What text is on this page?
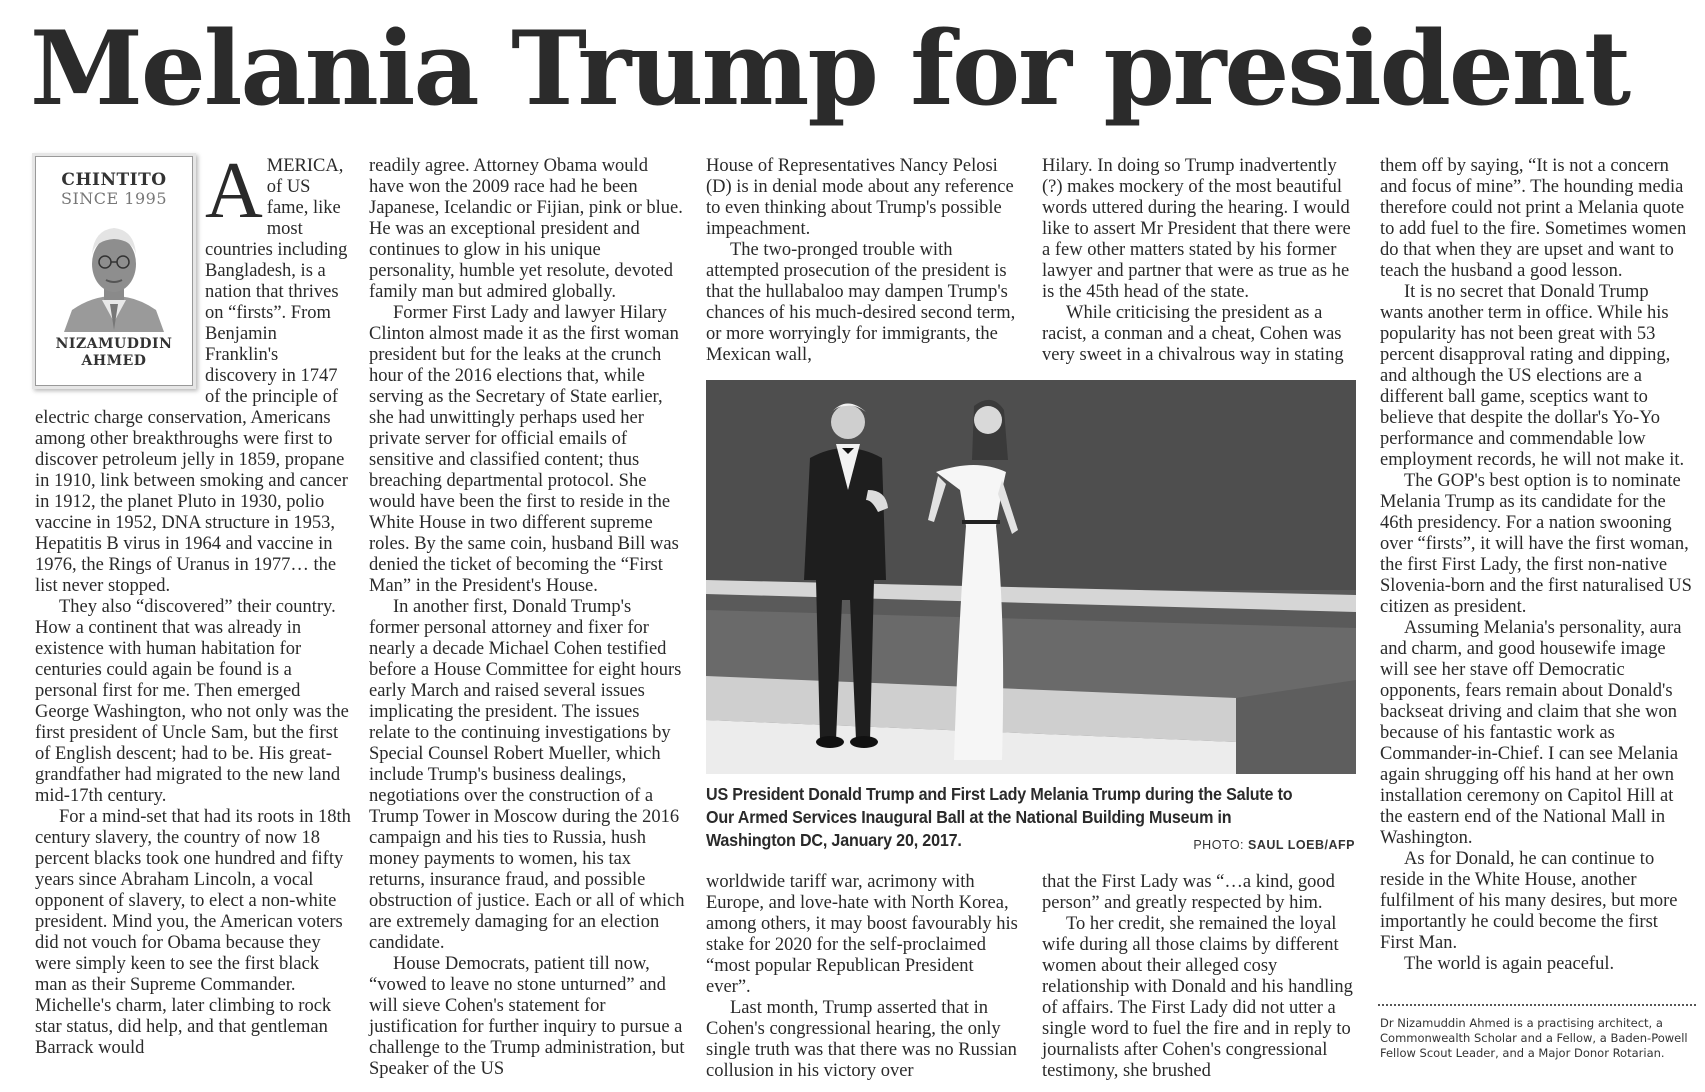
Melania Trump for president
CHINTITO
SINCE 1995
NIZAMUDDIN
AHMED

AMERICA, of US fame, like most countries including Bangladesh, is a nation that thrives on “firsts”. From Benjamin Franklin's discovery in 1747 of the principle of electric charge conservation, Americans among other breakthroughs were first to discover petroleum jelly in 1859, propane in 1910, link between smoking and cancer in 1912, the planet Pluto in 1930, polio vaccine in 1952, DNA structure in 1953, Hepatitis B virus in 1964 and vaccine in 1976, the Rings of Uranus in 1977… the list never stopped.

They also “discovered” their country. How a continent that was already in existence with human habitation for centuries could again be found is a personal first for me. Then emerged George Washington, who not only was the first president of Uncle Sam, but the first of English descent; had to be. His great-grandfather had migrated to the new land mid-17th century.

For a mind-set that had its roots in 18th century slavery, the country of now 18 percent blacks took one hundred and fifty years since Abraham Lincoln, a vocal opponent of slavery, to elect a non-white president. Mind you, the American voters did not vouch for Obama because they were simply keen to see the first black man as their Supreme Commander. Michelle's charm, later climbing to rock star status, did help, and that gentleman Barrack would

readily agree. Attorney Obama would have won the 2009 race had he been Japanese, Icelandic or Fijian, pink or blue. He was an exceptional president and continues to glow in his unique personality, humble yet resolute, devoted family man but admired globally.

Former First Lady and lawyer Hilary Clinton almost made it as the first woman president but for the leaks at the crunch hour of the 2016 elections that, while serving as the Secretary of State earlier, she had unwittingly perhaps used her private server for official emails of sensitive and classified content; thus breaching departmental protocol. She would have been the first to reside in the White House in two different supreme roles. By the same coin, husband Bill was denied the ticket of becoming the “First Man” in the President's House.

In another first, Donald Trump's former personal attorney and fixer for nearly a decade Michael Cohen testified before a House Committee for eight hours early March and raised several issues implicating the president. The issues relate to the continuing investigations by Special Counsel Robert Mueller, which include Trump's business dealings, negotiations over the construction of a Trump Tower in Moscow during the 2016 campaign and his ties to Russia, hush money payments to women, his tax returns, insurance fraud, and possible obstruction of justice. Each or all of which are extremely damaging for an election candidate.

House Democrats, patient till now, “vowed to leave no stone unturned” and will sieve Cohen's statement for justification for further inquiry to pursue a challenge to the Trump administration, but Speaker of the US

House of Representatives Nancy Pelosi (D) is in denial mode about any reference to even thinking about Trump's possible impeachment.

The two-pronged trouble with attempted prosecution of the president is that the hullabaloo may dampen Trump's chances of his much-desired second term, or more worryingly for immigrants, the Mexican wall,

Hilary. In doing so Trump inadvertently (?) makes mockery of the most beautiful words uttered during the hearing. I would like to assert Mr President that there were a few other matters stated by his former lawyer and partner that were as true as he is the 45th head of the state.

While criticising the president as a racist, a conman and a cheat, Cohen was very sweet in a chivalrous way in stating

US President Donald Trump and First Lady Melania Trump during the Salute to Our Armed Services Inaugural Ball at the National Building Museum in Washington DC, January 20, 2017.	PHOTO: SAUL LOEB/AFP

worldwide tariff war, acrimony with Europe, and love-hate with North Korea, among others, it may boost favourably his stake for 2020 for the self-proclaimed “most popular Republican President ever”.

Last month, Trump asserted that in Cohen's congressional hearing, the only single truth was that there was no Russian collusion in his victory over

that the First Lady was “…a kind, good person” and greatly respected by him.

To her credit, she remained the loyal wife during all those claims by different women about their alleged cosy relationship with Donald and his handling of affairs. The First Lady did not utter a single word to fuel the fire and in reply to journalists after Cohen's congressional testimony, she brushed

them off by saying, “It is not a concern and focus of mine”. The hounding media therefore could not print a Melania quote to add fuel to the fire. Sometimes women do that when they are upset and want to teach the husband a good lesson.

It is no secret that Donald Trump wants another term in office. While his popularity has not been great with 53 percent disapproval rating and dipping, and although the US elections are a different ball game, sceptics want to believe that despite the dollar's Yo-Yo performance and commendable low employment records, he will not make it.

The GOP's best option is to nominate Melania Trump as its candidate for the 46th presidency. For a nation swooning over “firsts”, it will have the first woman, the first First Lady, the first non-native Slovenia-born and the first naturalised US citizen as president.

Assuming Melania's personality, aura and charm, and good housewife image will see her stave off Democratic opponents, fears remain about Donald's backseat driving and claim that she won because of his fantastic work as Commander-in-Chief. I can see Melania again shrugging off his hand at her own installation ceremony on Capitol Hill at the eastern end of the National Mall in Washington.

As for Donald, he can continue to reside in the White House, another fulfilment of his many desires, but more importantly he could become the first First Man.

The world is again peaceful.

Dr Nizamuddin Ahmed is a practising architect, a Commonwealth Scholar and a Fellow, a Baden-Powell Fellow Scout Leader, and a Major Donor Rotarian.
